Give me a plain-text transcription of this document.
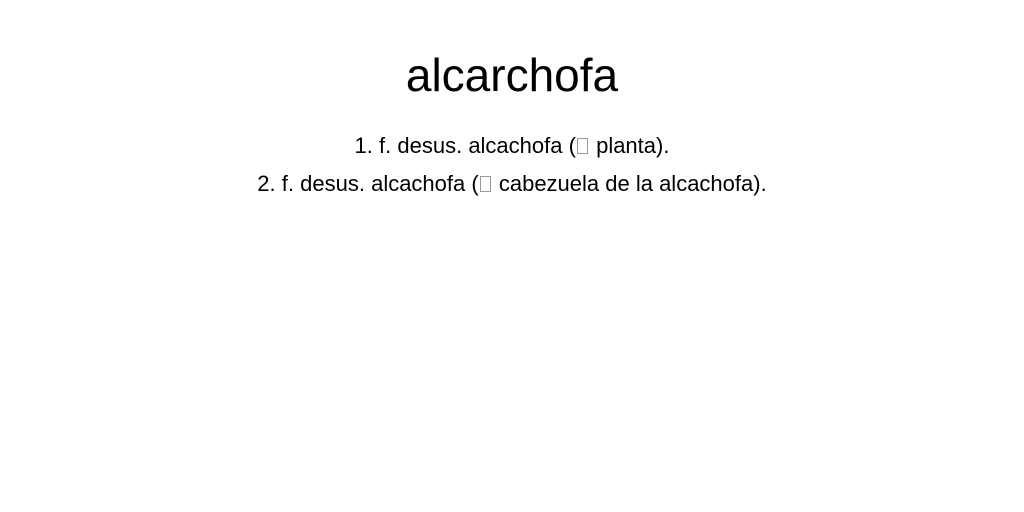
alcarchofa
1. f. desus. alcachofa ( planta).
2. f. desus. alcachofa ( cabezuela de la alcachofa).
